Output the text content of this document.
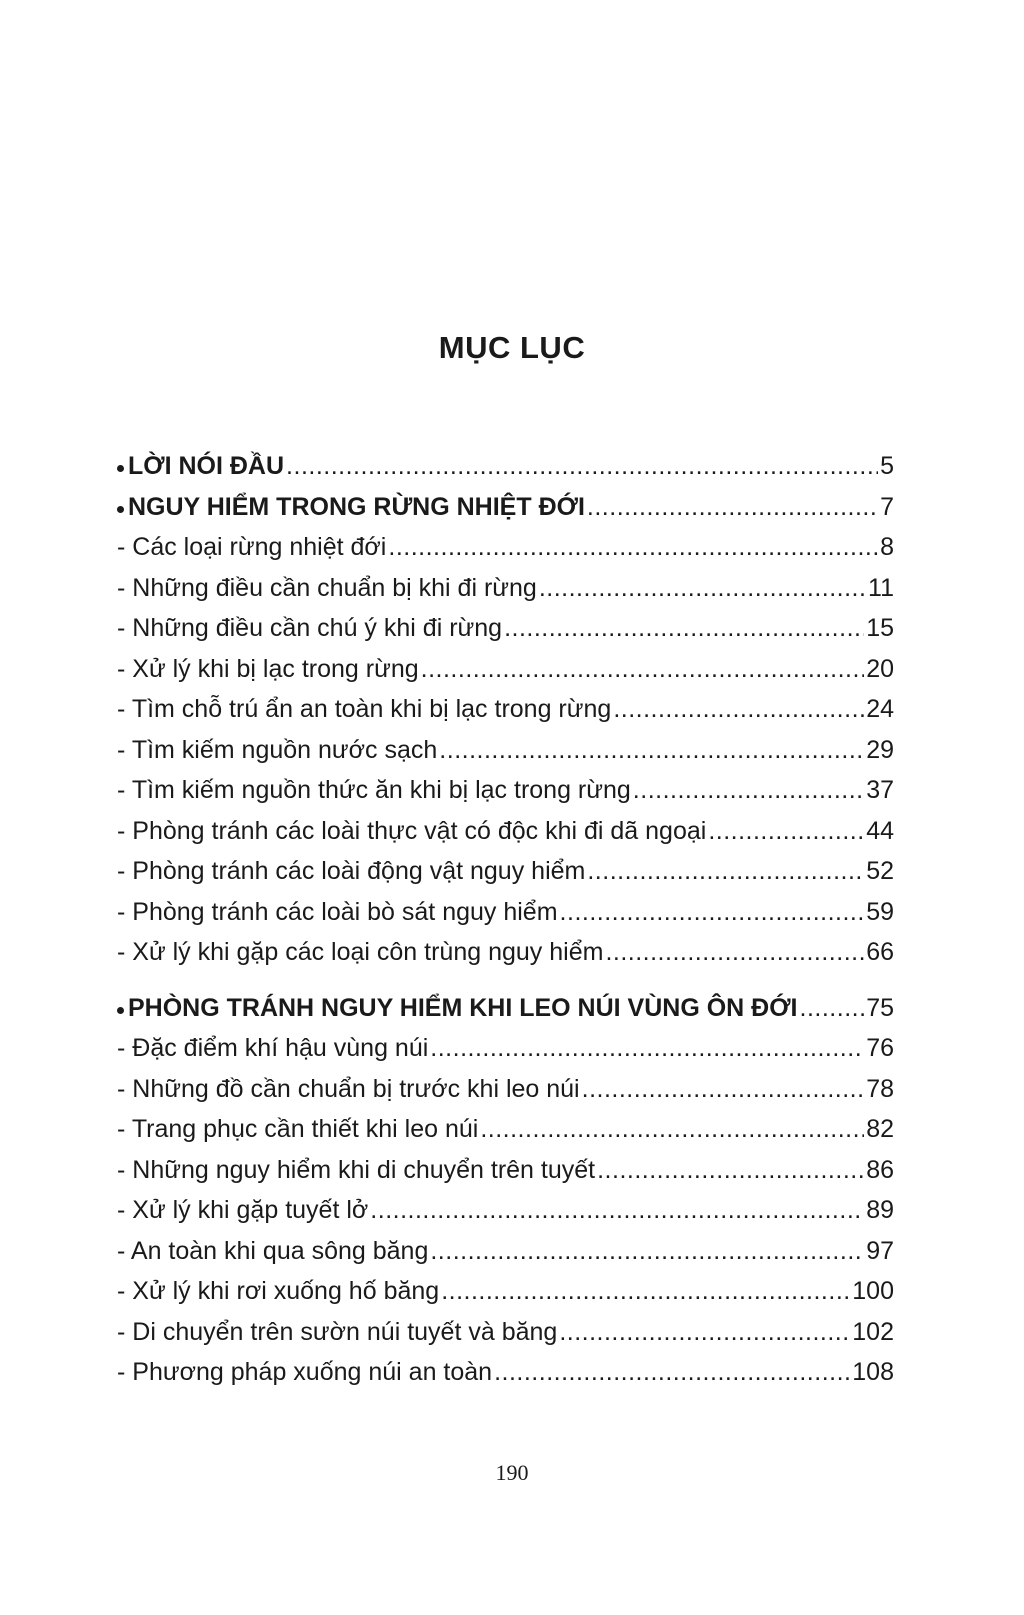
MỤC LỤC
LỜI NÓI ĐẦU .....	5
NGUY HIỂM TRONG RỪNG NHIỆT ĐỚI .....	7
- Các loại rừng nhiệt đới .....	8
- Những điều cần chuẩn bị khi đi rừng .....	11
- Những điều cần chú ý khi đi rừng .....	15
- Xử lý khi bị lạc trong rừng .....	20
- Tìm chỗ trú ẩn an toàn khi bị lạc trong rừng .....	24
- Tìm kiếm nguồn nước sạch .....	29
- Tìm kiếm nguồn thức ăn khi bị lạc trong rừng .....	37
- Phòng tránh các loài thực vật có độc khi đi dã ngoại .....	44
- Phòng tránh các loài động vật nguy hiểm .....	52
- Phòng tránh các loài bò sát nguy hiểm .....	59
- Xử lý khi gặp các loại côn trùng nguy hiểm .....	66
PHÒNG TRÁNH NGUY HIỂM KHI LEO NÚI VÙNG ÔN ĐỚI .....	75
- Đặc điểm khí hậu vùng núi .....	76
- Những đồ cần chuẩn bị trước khi leo núi .....	78
- Trang phục cần thiết khi leo núi .....	82
- Những nguy hiểm khi di chuyển trên tuyết .....	86
- Xử lý khi gặp tuyết lở .....	89
- An toàn khi qua sông băng .....	97
- Xử lý khi rơi xuống hố băng .....	100
- Di chuyển trên sườn núi tuyết và băng .....	102
- Phương pháp xuống núi an toàn .....	108
190
